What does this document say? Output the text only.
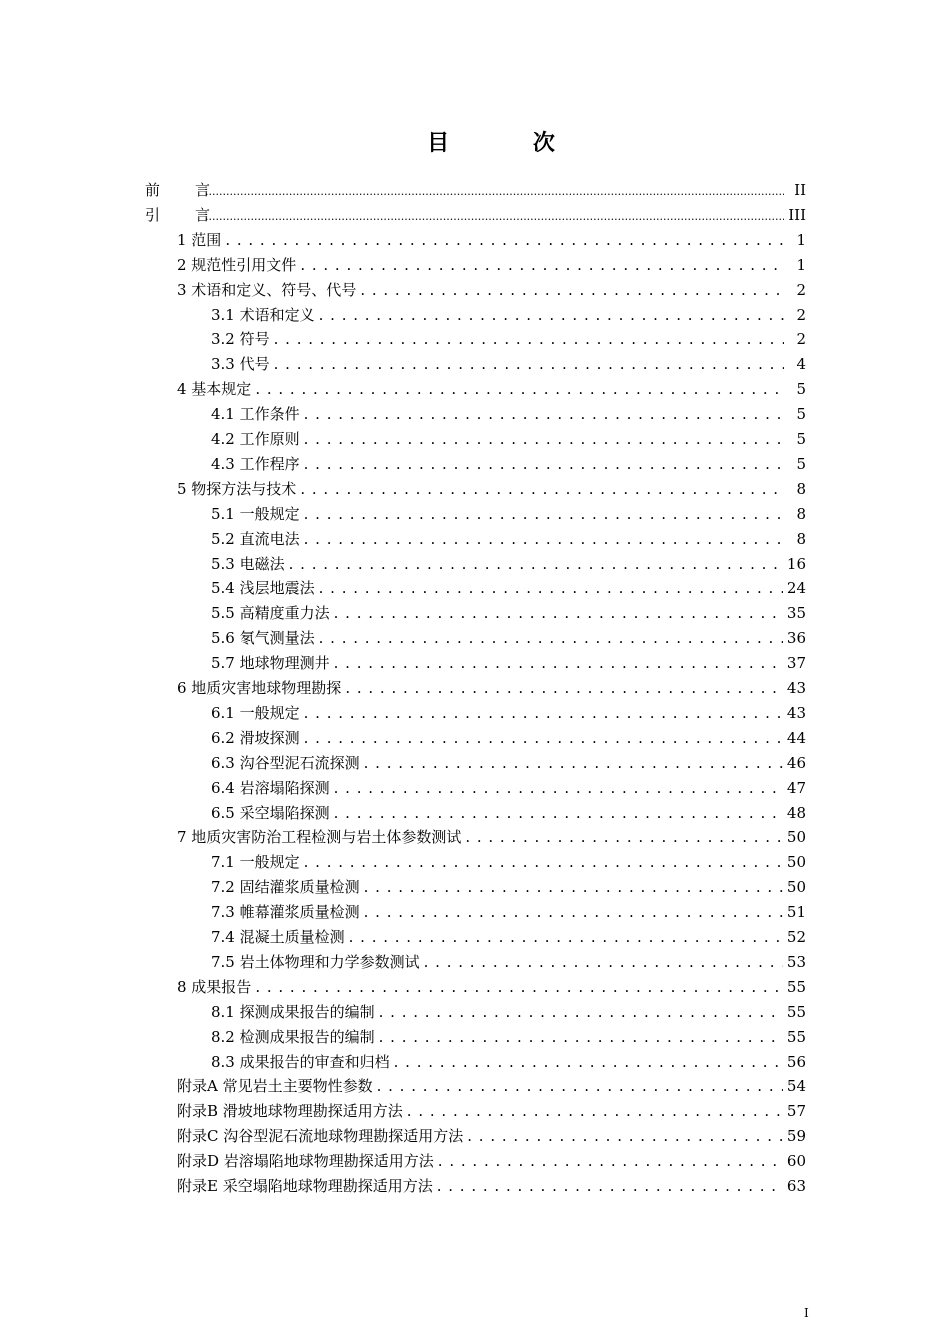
目 次
前 言 .....	II
引 言 .....	III
1 范围 . . .	1
2 规范性引用文件 . . .	1
3 术语和定义、符号、代号 . . .	2
3.1 术语和定义 . . .	2
3.2 符号 . . .	2
3.3 代号 . . .	4
4 基本规定 . . .	5
4.1 工作条件 . . .	5
4.2 工作原则 . . .	5
4.3 工作程序 . . .	5
5 物探方法与技术 . . .	8
5.1 一般规定 . . .	8
5.2 直流电法 . . .	8
5.3 电磁法 . . .	16
5.4 浅层地震法 . . .	24
5.5 高精度重力法 . . .	35
5.6 氡气测量法 . . .	36
5.7 地球物理测井 . . .	37
6 地质灾害地球物理勘探 . . .	43
6.1 一般规定 . . .	43
6.2 滑坡探测 . . .	44
6.3 沟谷型泥石流探测 . . .	46
6.4 岩溶塌陷探测 . . .	47
6.5 采空塌陷探测 . . .	48
7 地质灾害防治工程检测与岩土体参数测试 . . .	50
7.1 一般规定 . . .	50
7.2 固结灌浆质量检测 . . .	50
7.3 帷幕灌浆质量检测 . . .	51
7.4 混凝土质量检测 . . .	52
7.5 岩土体物理和力学参数测试 . . .	53
8 成果报告 . . .	55
8.1 探测成果报告的编制 . . .	55
8.2 检测成果报告的编制 . . .	55
8.3 成果报告的审查和归档 . . .	56
附录A 常见岩土主要物性参数 . . .	54
附录B 滑坡地球物理勘探适用方法 . . .	57
附录C 沟谷型泥石流地球物理勘探适用方法 . . .	59
附录D 岩溶塌陷地球物理勘探适用方法 . . .	60
附录E 采空塌陷地球物理勘探适用方法 . . .	63
I
